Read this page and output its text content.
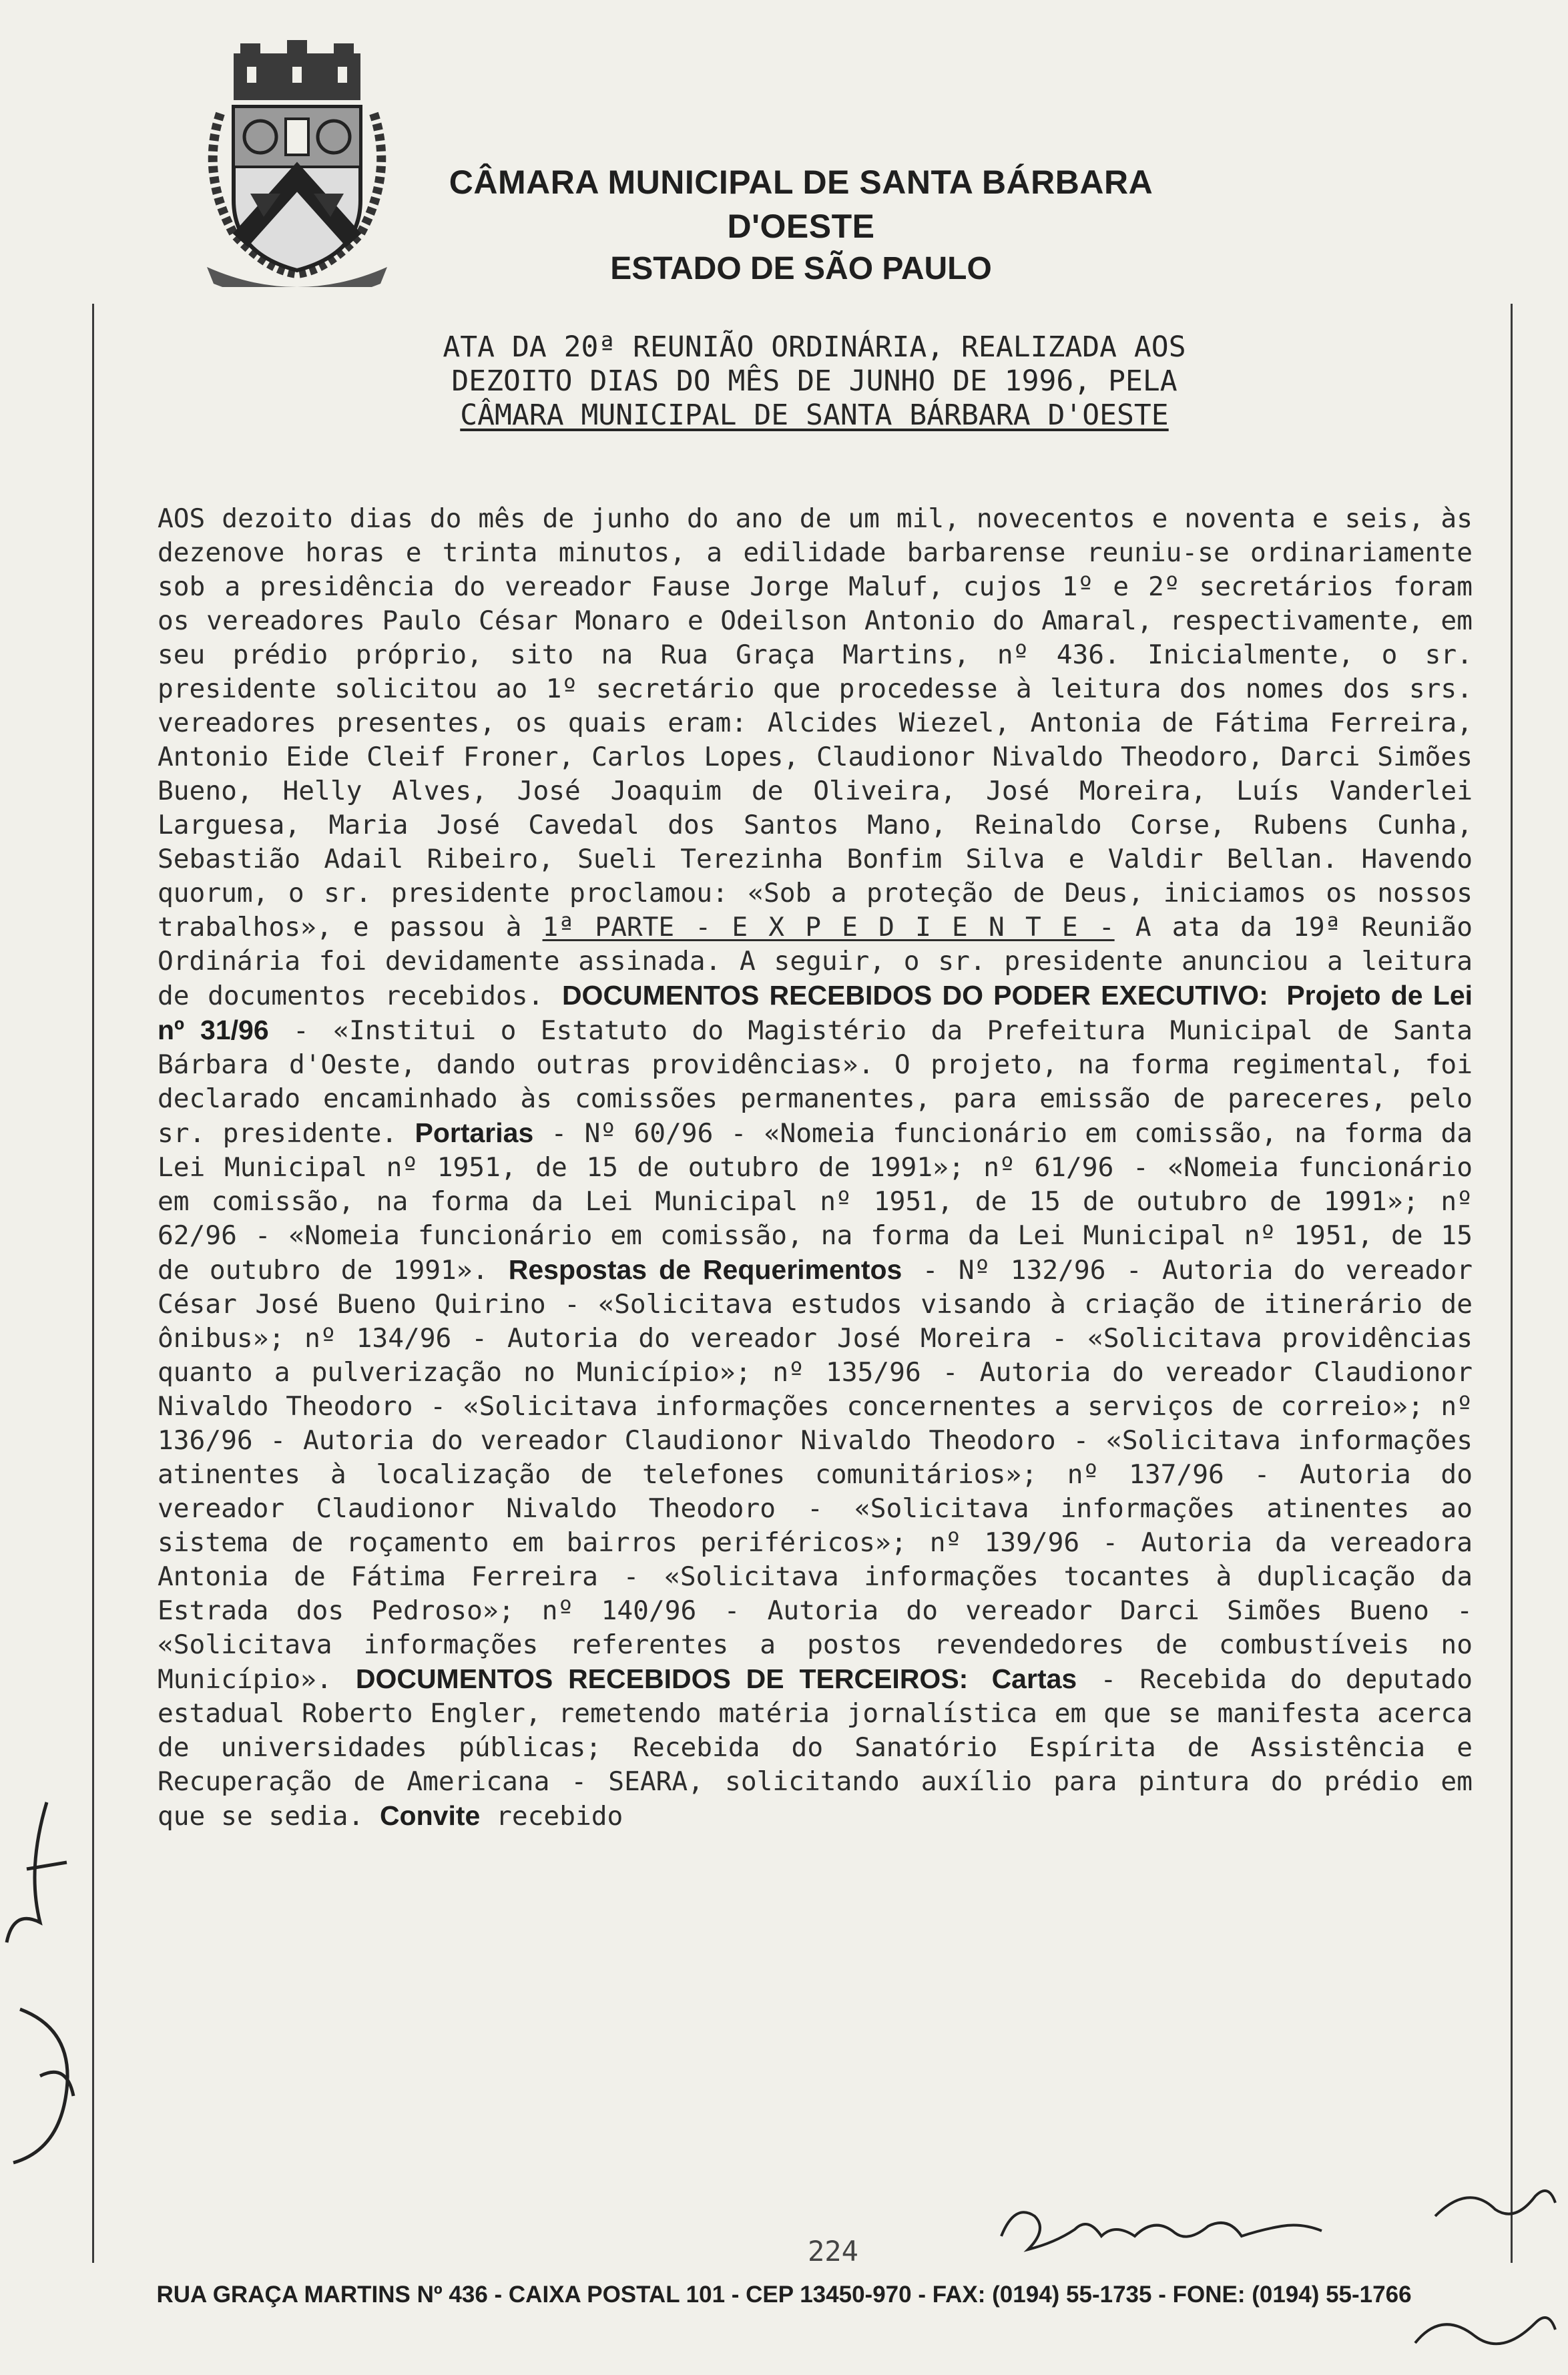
CÂMARA MUNICIPAL DE SANTA BÁRBARA D'OESTE
ESTADO DE SÃO PAULO
ATA DA 20ª REUNIÃO ORDINÁRIA, REALIZADA AOS
DEZOITO DIAS DO MÊS DE JUNHO DE 1996, PELA
CÂMARA MUNICIPAL DE SANTA BÁRBARA D'OESTE
AOS dezoito dias do mês de junho do ano de um mil, novecentos e noventa e seis, às dezenove horas e trinta minutos, a edilidade barbarense reuniu-se ordinariamente sob a presidência do vereador Fause Jorge Maluf, cujos 1º e 2º secretários foram os vereadores Paulo César Monaro e Odeilson Antonio do Amaral, respectivamente, em seu prédio próprio, sito na Rua Graça Martins, nº 436. Inicialmente, o sr. presidente solicitou ao 1º secretário que procedesse à leitura dos nomes dos srs. vereadores presentes, os quais eram: Alcides Wiezel, Antonia de Fátima Ferreira, Antonio Eide Cleif Froner, Carlos Lopes, Claudionor Nivaldo Theodoro, Darci Simões Bueno, Helly Alves, José Joaquim de Oliveira, José Moreira, Luís Vanderlei Larguesa, Maria José Cavedal dos Santos Mano, Reinaldo Corse, Rubens Cunha, Sebastião Adail Ribeiro, Sueli Terezinha Bonfim Silva e Valdir Bellan. Havendo quorum, o sr. presidente proclamou: «Sob a proteção de Deus, iniciamos os nossos trabalhos», e passou à 1ª PARTE - E X P E D I E N T E - A ata da 19ª Reunião Ordinária foi devidamente assinada. A seguir, o sr. presidente anunciou a leitura de documentos recebidos. DOCUMENTOS RECEBIDOS DO PODER EXECUTIVO: Projeto de Lei nº 31/96 - «Institui o Estatuto do Magistério da Prefeitura Municipal de Santa Bárbara d'Oeste, dando outras providências». O projeto, na forma regimental, foi declarado encaminhado às comissões permanentes, para emissão de pareceres, pelo sr. presidente. Portarias - Nº 60/96 - «Nomeia funcionário em comissão, na forma da Lei Municipal nº 1951, de 15 de outubro de 1991»; nº 61/96 - «Nomeia funcionário em comissão, na forma da Lei Municipal nº 1951, de 15 de outubro de 1991»; nº 62/96 - «Nomeia funcionário em comissão, na forma da Lei Municipal nº 1951, de 15 de outubro de 1991». Respostas de Requerimentos - Nº 132/96 - Autoria do vereador César José Bueno Quirino - «Solicitava estudos visando à criação de itinerário de ônibus»; nº 134/96 - Autoria do vereador José Moreira - «Solicitava providências quanto a pulverização no Município»; nº 135/96 - Autoria do vereador Claudionor Nivaldo Theodoro - «Solicitava informações concernentes a serviços de correio»; nº 136/96 - Autoria do vereador Claudionor Nivaldo Theodoro - «Solicitava informações atinentes à localização de telefones comunitários»; nº 137/96 - Autoria do vereador Claudionor Nivaldo Theodoro - «Solicitava informações atinentes ao sistema de roçamento em bairros periféricos»; nº 139/96 - Autoria da vereadora Antonia de Fátima Ferreira - «Solicitava informações tocantes à duplicação da Estrada dos Pedroso»; nº 140/96 - Autoria do vereador Darci Simões Bueno - «Solicitava informações referentes a postos revendedores de combustíveis no Município». DOCUMENTOS RECEBIDOS DE TERCEIROS: Cartas - Recebida do deputado estadual Roberto Engler, remetendo matéria jornalística em que se manifesta acerca de universidades públicas; Recebida do Sanatório Espírita de Assistência e Recuperação de Americana - SEARA, solicitando auxílio para pintura do prédio em que se sedia. Convite recebido
224
RUA GRAÇA MARTINS Nº 436 - CAIXA POSTAL 101 - CEP 13450-970 - FAX: (0194) 55-1735 - FONE: (0194) 55-1766
